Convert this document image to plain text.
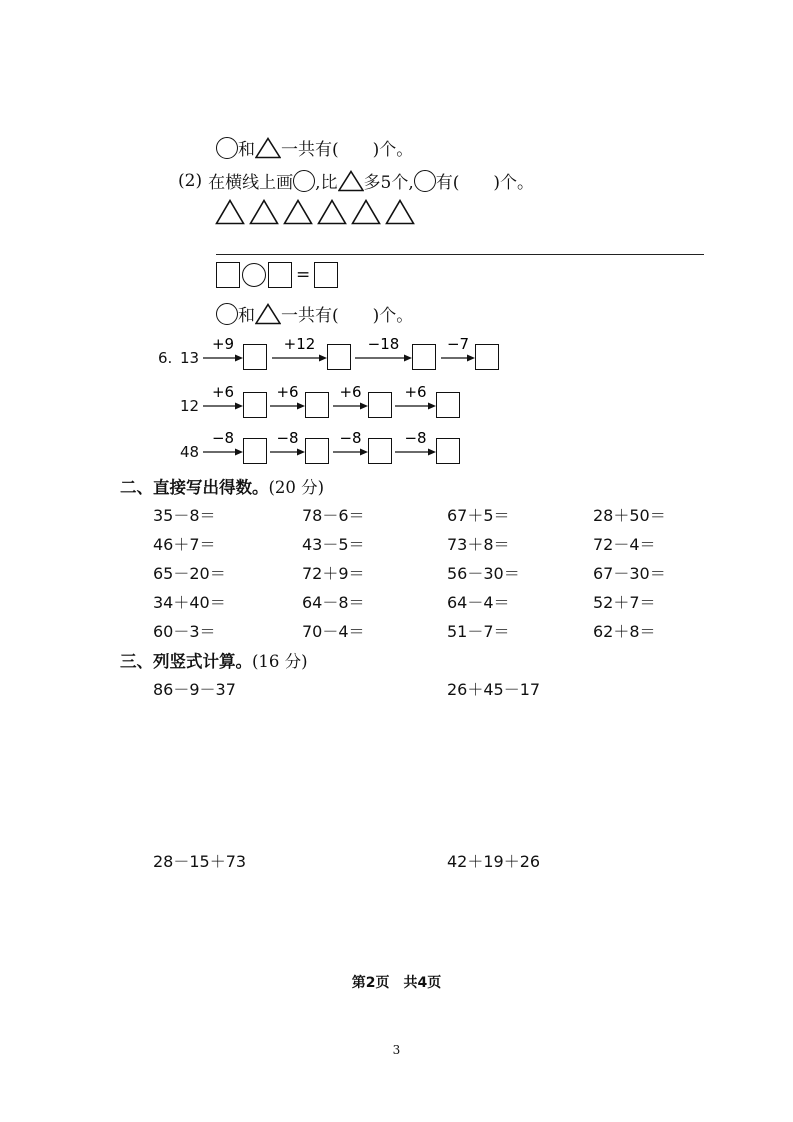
和 一共有(　　)个。
(2) 在横线上画 ,比 多5个, 有(　　)个。
=
和 一共有(　　)个。
6. 13
+9	+12	−18	−7
12
+6	+6	+6	+6
48
−8	−8	−8	−8
二、直接写出得数。(20 分)
35－8＝	78－6＝	67＋5＝	28＋50＝
46＋7＝	43－5＝	73＋8＝	72－4＝
65－20＝	72＋9＝	56－30＝	67－30＝
34＋40＝	64－8＝	64－4＝	52＋7＝
60－3＝	70－4＝	51－7＝	62＋8＝
三、列竖式计算。(16 分)
86－9－37	26＋45－17
28－15＋73	42＋19＋26
第2页　共4页
3
